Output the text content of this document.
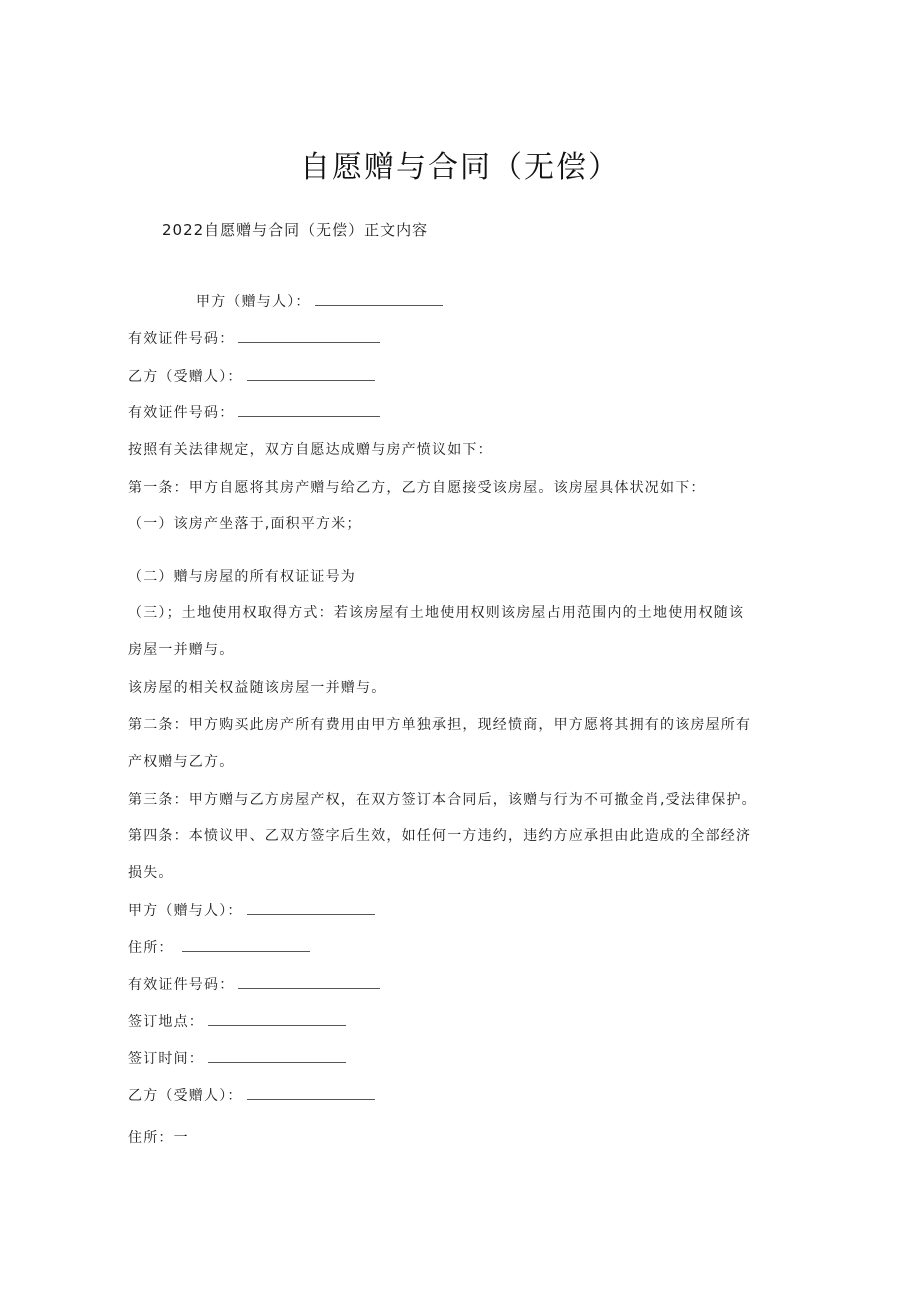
自愿赠与合同（无偿）
2022自愿赠与合同（无偿）正文内容
甲方（赠与人）：
有效证件号码：
乙方（受赠人）：
有效证件号码：
按照有关法律规定，双方自愿达成赠与房产愤议如下：
第一条：甲方自愿将其房产赠与给乙方，乙方自愿接受该房屋。该房屋具体状况如下：
（一）该房产坐落于,面积平方米；
（二）赠与房屋的所有权证证号为
（三）；土地使用权取得方式：若该房屋有土地使用权则该房屋占用范围内的土地使用权随该
房屋一并赠与。
该房屋的相关权益随该房屋一并赠与。
第二条：甲方购买此房产所有费用由甲方单独承担，现经愤商，甲方愿将其拥有的该房屋所有
产权赠与乙方。
第三条：甲方赠与乙方房屋产权，在双方签订本合同后，该赠与行为不可撤金肖,受法律保护。
第四条：本愤议甲、乙双方签字后生效，如任何一方违约，违约方应承担由此造成的全部经济
损失。
甲方（赠与人）：
住所：
有效证件号码：
签订地点：
签订时间：
乙方（受赠人）：
住所：一
